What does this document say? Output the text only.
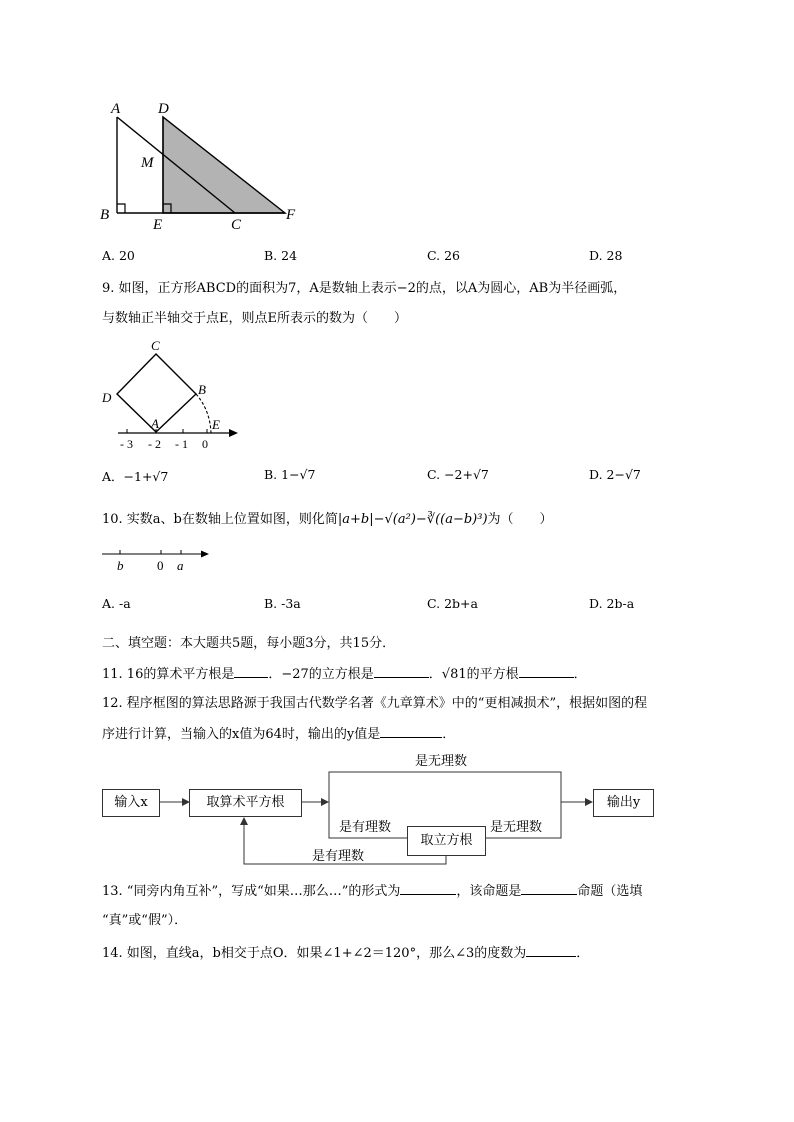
A	D
M
B
E	C
F
A. 20	B. 24	C. 26	D. 28
9. 如图，正方形ABCD的面积为7，A是数轴上表示−2的点，以A为圆心，AB为半径画弧，
与数轴正半轴交于点E，则点E所表示的数为（　　）
C
D
B
A	E
- 3 - 2 - 1 0
A．−1+√7	B. 1−√7	C. −2+√7	D. 2−√7
10. 实数a、b在数轴上位置如图，则化简|a+b|−√(a²)−∛((a−b)³)为（　　）
b	0 a
A. -a	B. -3a	C. 2b+a	D. 2b-a
二、填空题：本大题共5题，每小题3分，共15分．
11. 16的算术平方根是	．−27的立方根是	．√81的平方根	．
12. 程序框图的算法思路源于我国古代数学名著《九章算术》中的“更相减损术”，根据如图的程
序进行计算，当输入的x值为64时，输出的y值是	．
输入x	取算术平方根	输出y
取立方根
是无理数
是有理数	是无理数
是有理数
13. “同旁内角互补”，写成“如果…那么…”的形式为	，该命题是	命题（选填
“真”或“假”）．
14. 如图，直线a，b相交于点O．如果∠1+∠2＝120°，那么∠3的度数为	．
